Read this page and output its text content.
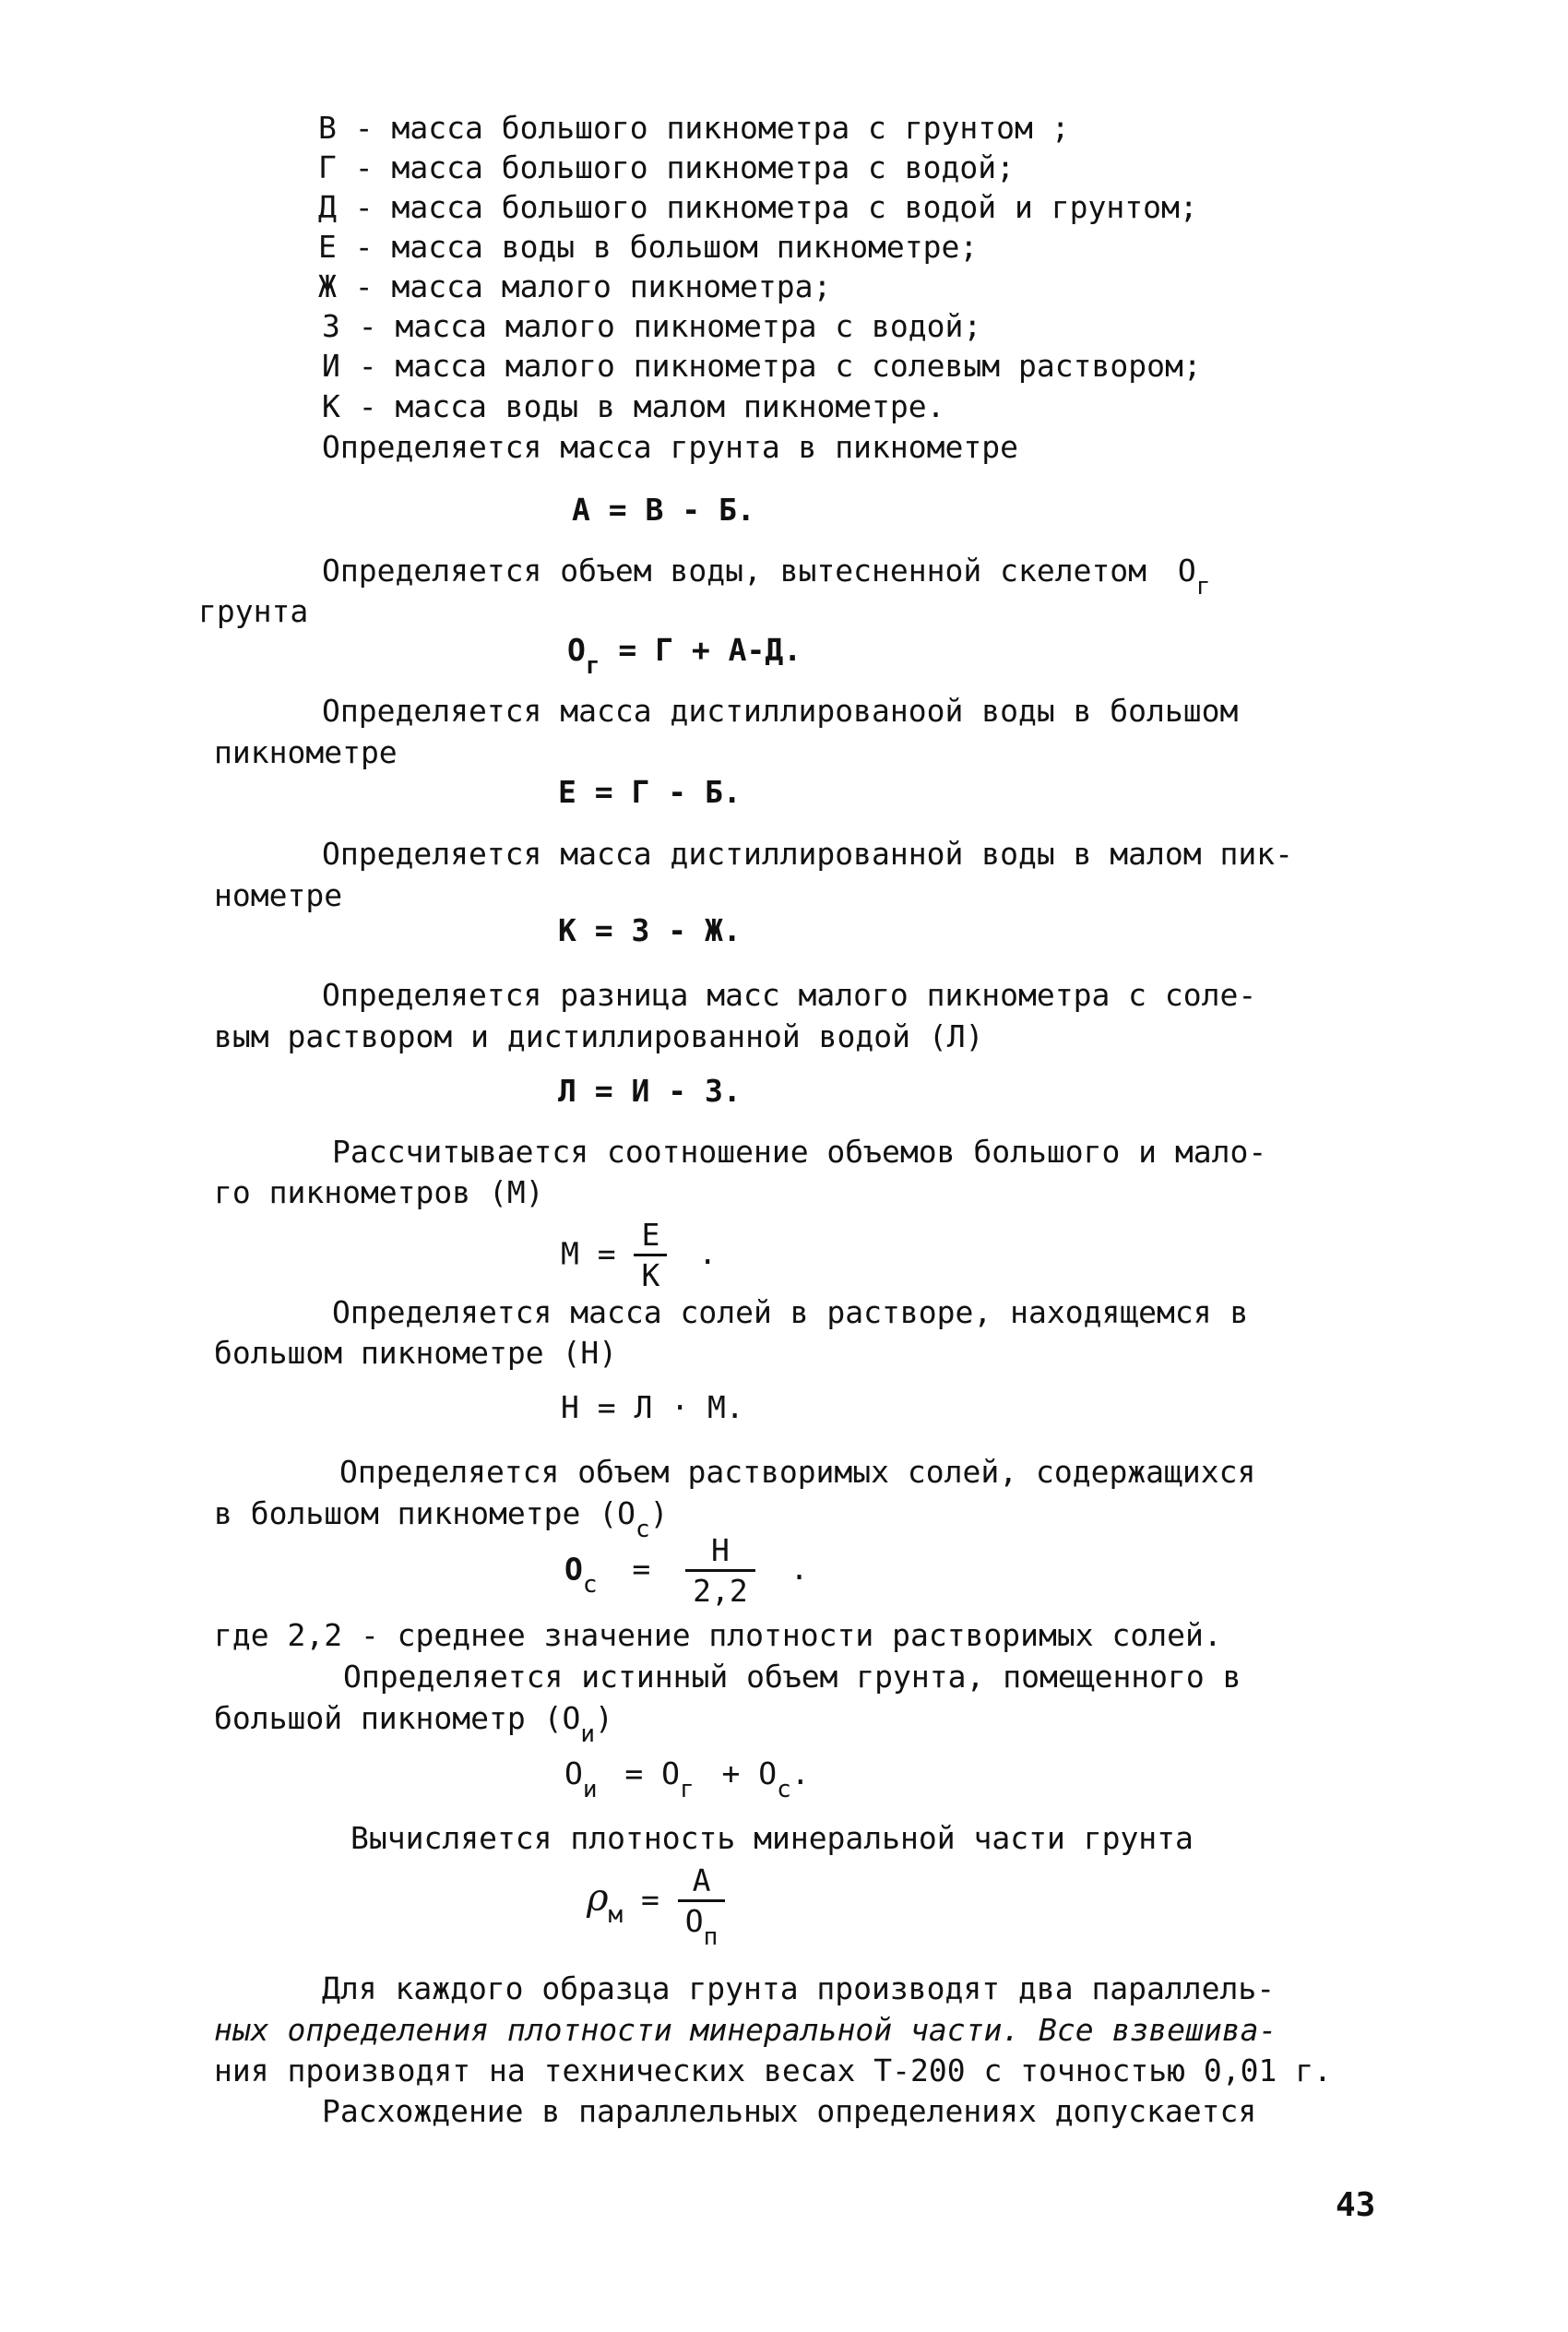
В - масса большого пикнометра с грунтом ;
Г - масса большого пикнометра с водой;
Д - масса большого пикнометра с водой и грунтом;
Е - масса воды в большом пикнометре;
Ж - масса малого пикнометра;
З - масса малого пикнометра с водой;
И - масса малого пикнометра с солевым раствором;
К - масса воды в малом пикнометре.
Определяется масса грунта в пикнометре
А = В - Б.
Определяется объем воды, вытесненной скелетом $О_г$
грунта
$О_г = Г + А-Д$.
Определяется масса дистиллированоой воды в большом
пикнометре
Е = Г - Б.
Определяется масса дистиллированной воды в малом пик-
нометре
К = З - Ж.
Определяется разница масс малого пикнометра с соле-
вым раствором и дистиллированной водой (Л)
Л = И - З.
Рассчитывается соотношение объемов большого и мало-
го пикнометров (М)
$М = \frac{Е}{К}$ .
Определяется масса солей в растворе, находящемся в
большом пикнометре (Н)
Н = Л · М.
Определяется объем растворимых солей, содержащихся
в большом пикнометре $(О_с)$
$О_с = \frac{Н}{2,2}$ .
где 2,2 - среднее значение плотности растворимых солей.
Определяется истинный объем грунта, помещенного в
большой пикнометр $(О_и)$
$О_и = О_г + О_с$.
Вычисляется плотность минеральной части грунта
$\rho_м = \frac{А}{О_п}$
Для каждого образца грунта производят два параллель-
ных определения плотности минеральной части. Все взвешива-
ния производят на технических весах Т-200 с точностью 0,01 г.
Расхождение в параллельных определениях допускается
43
